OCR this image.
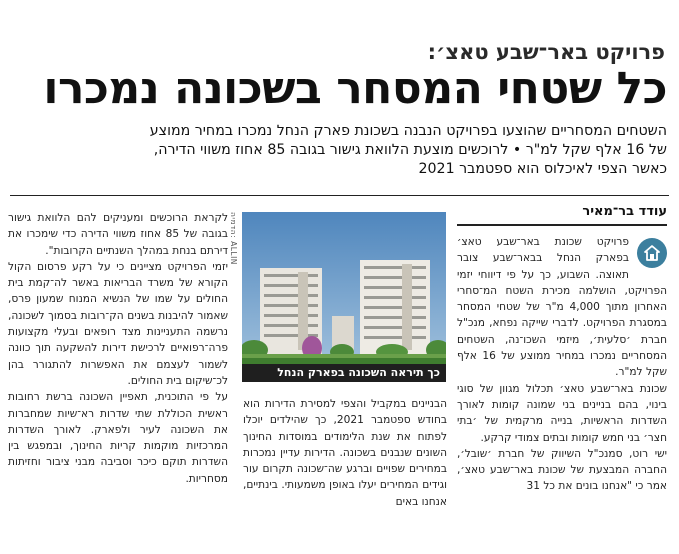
פרויקט באר־שבע טאצ׳:
כל שטחי המסחר בשכונה נמכרו
השטחים המסחריים שהוצעו בפרויקט הנבנה בשכונת פארק הנחל נמכרו במחיר ממוצע
של 16 אלף שקל למ"ר • לרוכשים מוצעת הלוואת גישור בגובה 85 אחוז משווי הדירה,
כאשר הצפי לאיכלוס הוא ספטמבר 2021
עודד בר־מאיר

פרויקט שכונת באר־שבע טאצ׳ בפארק הנחל בבאר־שבע צובר תאוצה. השבוע, כך על פי דיווחי יזמי הפרויקט, הושלמה מכירת השטח המ־סחרי האחרון מתוך 4,000 מ"ר של שטחי המסחר במסגרת הפרויקט. לדברי שייקה נפחא, מנכ"ל חברת ׳סלעית׳, מיזמי השכו־נה, השטחים המסחריים נמכרו במחיר ממוצע של 16 אלף שקל למ"ר.

שכונת באר־שבע טאצ׳ תכלול מגוון של סוגי בינוי, בהם בניינים בני שמונה קומות לאורך השדרות הראשיות, בנייה מרקמית של ׳בתי חצר׳ בני חמש קומות ובתים צמודי קרקע.

ישי רוט, סמנכ"ל השיווק של חברת ׳שובל׳, החברה המבצעת של שכונת באר־שבע טאצ׳, אמר כי "אנחנו בונים את כל 31

כך תיראה השכונה בפארק הנחל
הדמיה: ALLIN

הבניינים במקביל והצפי למסירת הדירות הוא בחודש ספטמבר 2021, כך שהילדים יוכלו לפתוח את שנת הלימודים במוסדות החינוך השונים שנבנים בשכונה. הדירות עדיין נמכרות במחירים שפויים וברגע שה־שכונה תקרום עור וגידים המחירים יעלו באופן משמעותי. בינתיים, אנחנו באים

לקראת הרוכשים ומעניקים להם הלוואת גישור בגובה של 85 אחוז משווי הדירה כדי שימכרו את דירתם בנחת במהלך השנתיים הקרובות".

יזמי הפרויקט מציינים כי על רקע פרסום הקול הקורא של משרד הבריאות באשר לה־קמת בית החולים על שמו של הנשיא המנוח שמעון פרס, שאמור להיבנות בשנים הק־רובות בסמוך לשכונה, נרשמה התעניינות מצד רופאים ובעלי מקצועות פרה־רפואיים לרכישת דירות להשקעה תוך כוונה לשמור לעצמם את האפשרות להתגורר בהן לכ־שיקום בית החולים.

על פי התוכנית, תאפיין השכונה ברשת רחובות ראשית הכוללת שתי שדרות רא־שיות שמחברות את השכונה לעיר ולפארק. לאורך השדרות המרכזיות מוקמות קריות החינוך, ובמפגש בין השדרות תוקם כיכר וסביבה מבני ציבור וחזיתות מסחריות.
